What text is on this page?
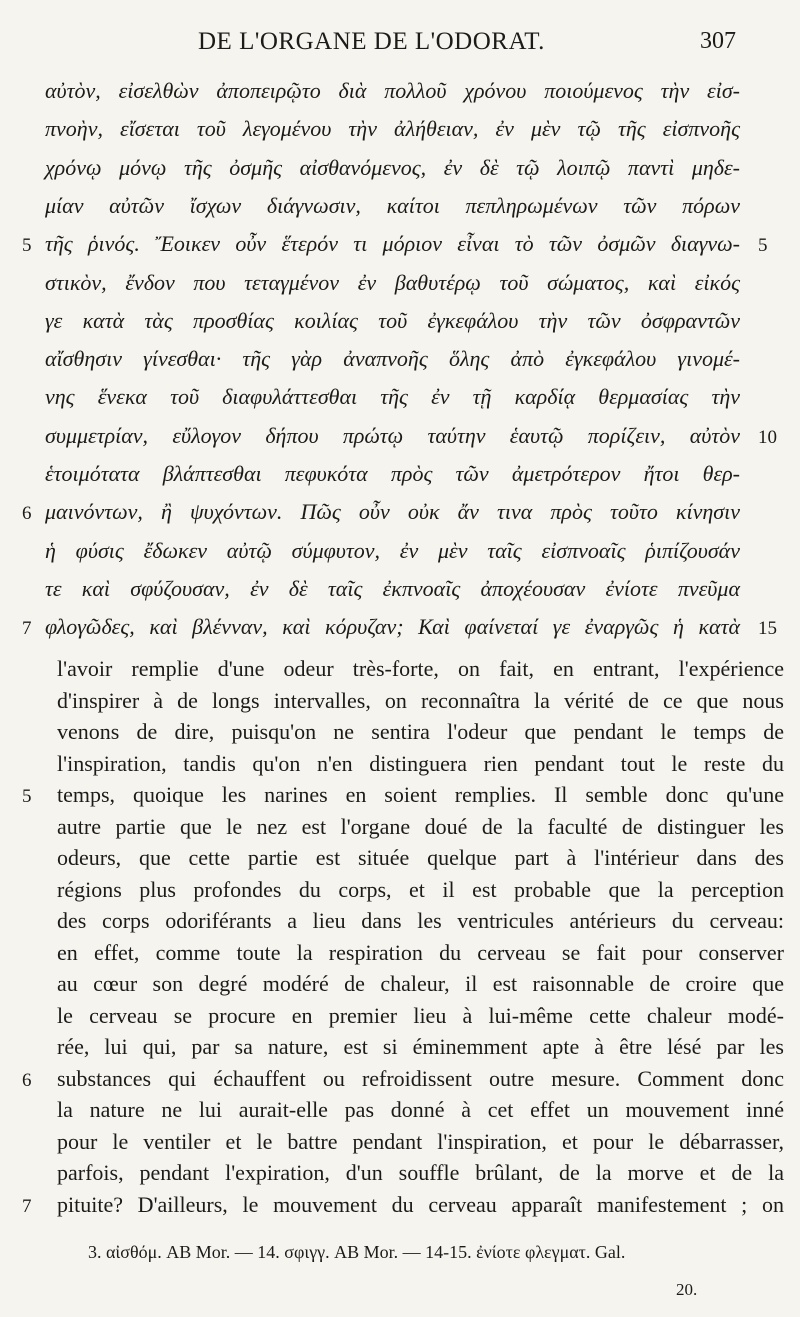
DE L'ORGANE DE L'ODORAT.	307
αὐτὸν, εἰσελθὼν ἀποπειρῷτο διὰ πολλοῦ χρόνου ποιούμενος τὴν εἰσ-
πνοὴν, εἴσεται τοῦ λεγομένου τὴν ἀλήθειαν, ἐν μὲν τῷ τῆς εἰσπνοῆς
χρόνῳ μόνῳ τῆς ὀσμῆς αἰσθανόμενος, ἐν δὲ τῷ λοιπῷ παντὶ μηδε-
μίαν αὐτῶν ἴσχων διάγνωσιν, καίτοι πεπληρωμένων τῶν πόρων
τῆς ῥινός. Ἔοικεν οὖν ἕτερόν τι μόριον εἶναι τὸ τῶν ὀσμῶν διαγνω-
στικὸν, ἔνδον που τεταγμένον ἐν βαθυτέρῳ τοῦ σώματος, καὶ εἰκός
γε κατὰ τὰς προσθίας κοιλίας τοῦ ἐγκεφάλου τὴν τῶν ὀσφραντῶν
αἴσθησιν γίνεσθαι· τῆς γὰρ ἀναπνοῆς ὅλης ἀπὸ ἐγκεφάλου γινομέ-
νης ἕνεκα τοῦ διαφυλάττεσθαι τῆς ἐν τῇ καρδίᾳ θερμασίας τὴν
συμμετρίαν, εὔλογον δήπου πρώτῳ ταύτην ἑαυτῷ πορίζειν, αὐτὸν
ἑτοιμότατα βλάπτεσθαι πεφυκότα πρὸς τῶν ἀμετρότερον ἤτοι θερ-
μαινόντων, ἢ ψυχόντων. Πῶς οὖν οὐκ ἄν τινα πρὸς τοῦτο κίνησιν
ἡ φύσις ἔδωκεν αὐτῷ σύμφυτον, ἐν μὲν ταῖς εἰσπνοαῖς ῥιπίζουσάν
τε καὶ σφύζουσαν, ἐν δὲ ταῖς ἐκπνοαῖς ἀποχέουσαν ἐνίοτε πνεῦμα
φλογῶδες, καὶ βλένναν, καὶ κόρυζαν; Καὶ φαίνεταί γε ἐναργῶς ἡ κατὰ
5
6
7
5
10
15
l'avoir remplie d'une odeur très-forte, on fait, en entrant, l'expérience
d'inspirer à de longs intervalles, on reconnaîtra la vérité de ce que nous
venons de dire, puisqu'on ne sentira l'odeur que pendant le temps de
l'inspiration, tandis qu'on n'en distinguera rien pendant tout le reste du
temps, quoique les narines en soient remplies. Il semble donc qu'une
autre partie que le nez est l'organe doué de la faculté de distinguer les
odeurs, que cette partie est située quelque part à l'intérieur dans des
régions plus profondes du corps, et il est probable que la perception
des corps odoriférants a lieu dans les ventricules antérieurs du cerveau:
en effet, comme toute la respiration du cerveau se fait pour conserver
au cœur son degré modéré de chaleur, il est raisonnable de croire que
le cerveau se procure en premier lieu à lui-même cette chaleur modé-
rée, lui qui, par sa nature, est si éminemment apte à être lésé par les
substances qui échauffent ou refroidissent outre mesure. Comment donc
la nature ne lui aurait-elle pas donné à cet effet un mouvement inné
pour le ventiler et le battre pendant l'inspiration, et pour le débarrasser,
parfois, pendant l'expiration, d'un souffle brûlant, de la morve et de la
pituite? D'ailleurs, le mouvement du cerveau apparaît manifestement ; on
5
6
7
3. αἰσθόμ. AB Mor. — 14. σφιγγ. AB Mor. — 14-15. ἐνίοτε φλεγματ. Gal.
20.
